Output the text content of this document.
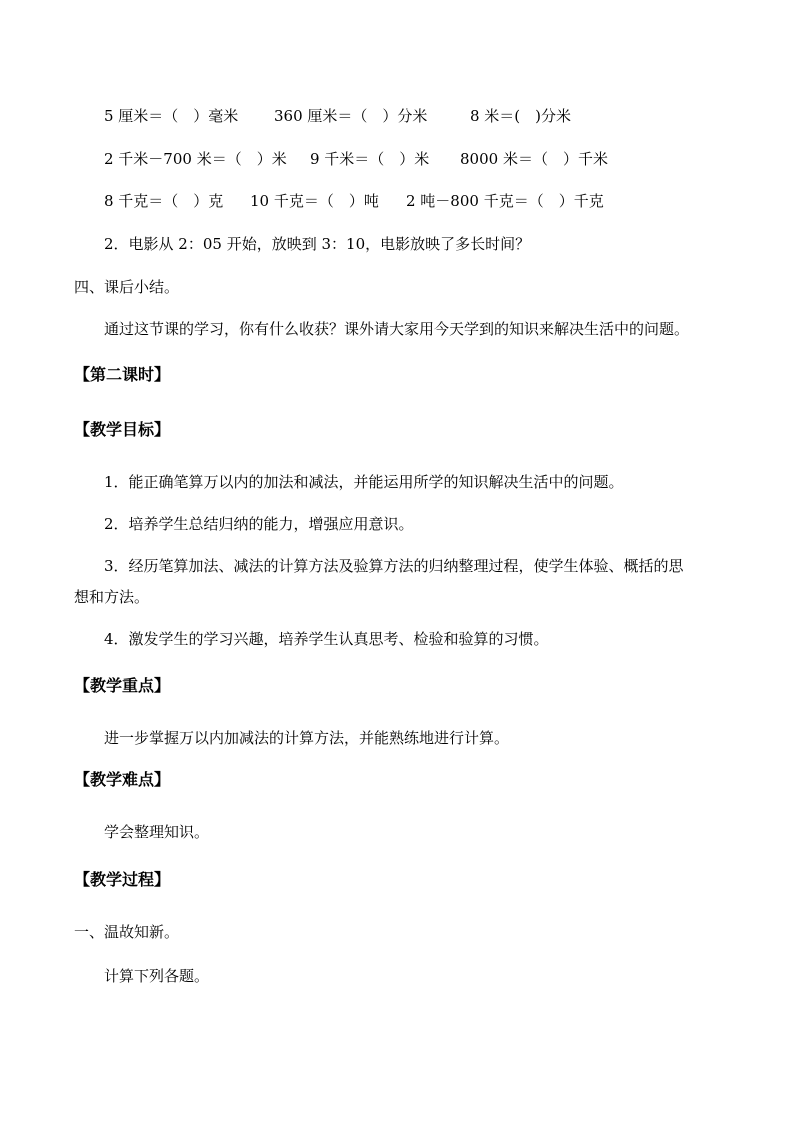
5 厘米＝（　）毫米 360 厘米＝（　）分米	8 米＝(　)分米
2 千米－700 米＝（　）米 9 千米＝（　）米 8000 米＝（　）千米
8 千克＝（　）克 10 千克＝（　）吨 2 吨－800 千克＝（　）千克
2．电影从 2：05 开始，放映到 3：10，电影放映了多长时间？
四、课后小结。
通过这节课的学习，你有什么收获？课外请大家用今天学到的知识来解决生活中的问题。
【第二课时】
【教学目标】
1．能正确笔算万以内的加法和减法，并能运用所学的知识解决生活中的问题。
2．培养学生总结归纳的能力，增强应用意识。
3．经历笔算加法、减法的计算方法及验算方法的归纳整理过程，使学生体验、概括的思
想和方法。
4．激发学生的学习兴趣，培养学生认真思考、检验和验算的习惯。
【教学重点】
进一步掌握万以内加减法的计算方法，并能熟练地进行计算。
【教学难点】
学会整理知识。
【教学过程】
一、温故知新。
计算下列各题。
